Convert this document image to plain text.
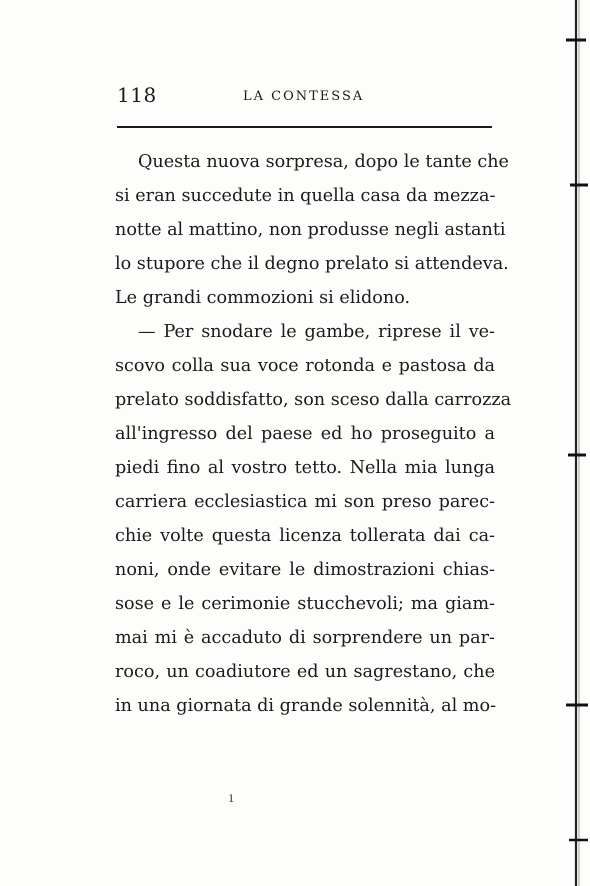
118	LA CONTESSA
Questa nuova sorpresa, dopo le tante che
si eran succedute in quella casa da mezza-
notte al mattino, non produsse negli astanti
lo stupore che il degno prelato si attendeva.
Le grandi commozioni si elidono.
— Per snodare le gambe, riprese il ve-
scovo colla sua voce rotonda e pastosa da
prelato soddisfatto, son sceso dalla carrozza
all'ingresso del paese ed ho proseguito a
piedi fino al vostro tetto. Nella mia lunga
carriera ecclesiastica mi son preso parec-
chie volte questa licenza tollerata dai ca-
noni, onde evitare le dimostrazioni chias-
sose e le cerimonie stucchevoli; ma giam-
mai mi è accaduto di sorprendere un par-
roco, un coadiutore ed un sagrestano, che
in una giornata di grande solennità, al mo-
ı
